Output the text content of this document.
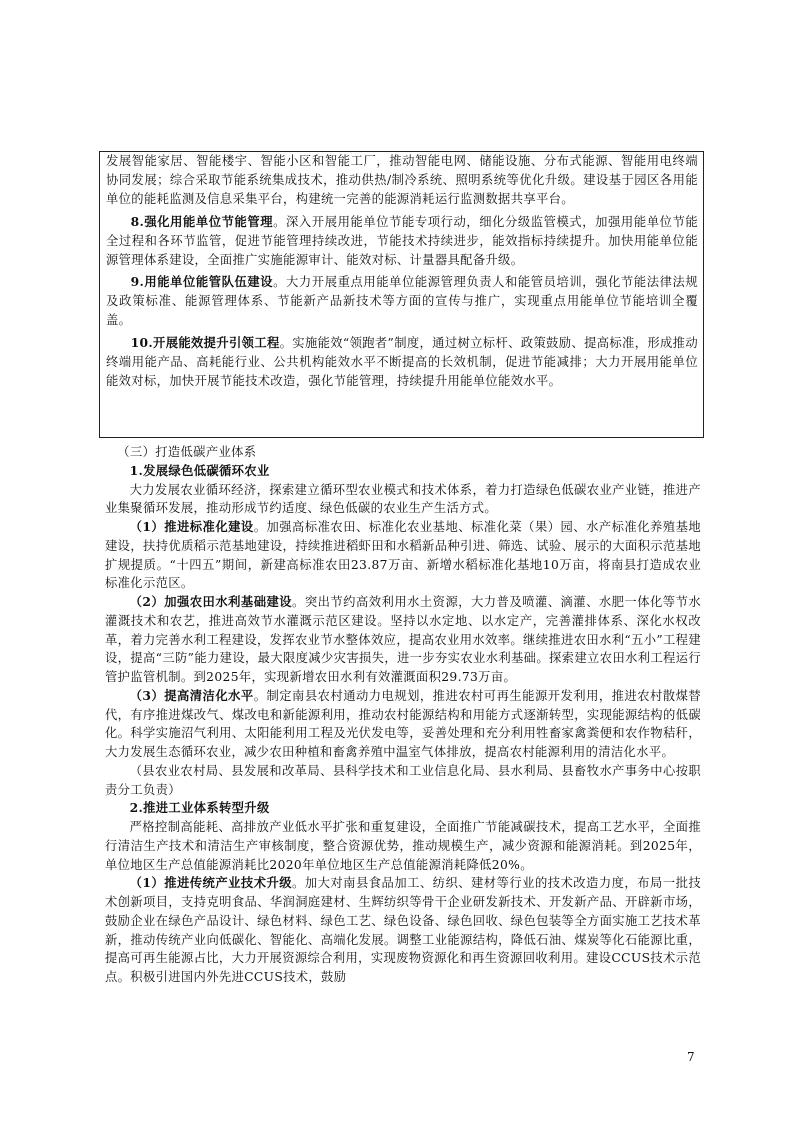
发展智能家居、智能楼宇、智能小区和智能工厂，推动智能电网、储能设施、分布式能源、智能用电终端协同发展；综合采取节能系统集成技术，推动供热/制冷系统、照明系统等优化升级。建设基于园区各用能单位的能耗监测及信息采集平台，构建统一完善的能源消耗运行监测数据共享平台。

8.强化用能单位节能管理。深入开展用能单位节能专项行动，细化分级监管模式，加强用能单位节能全过程和各环节监管，促进节能管理持续改进，节能技术持续进步，能效指标持续提升。加快用能单位能源管理体系建设，全面推广实施能源审计、能效对标、计量器具配备升级。

9.用能单位能管队伍建设。大力开展重点用能单位能源管理负责人和能管员培训，强化节能法律法规及政策标准、能源管理体系、节能新产品新技术等方面的宣传与推广，实现重点用能单位节能培训全覆盖。

10.开展能效提升引领工程。实施能效“领跑者”制度，通过树立标杆、政策鼓励、提高标准，形成推动终端用能产品、高耗能行业、公共机构能效水平不断提高的长效机制，促进节能减排；大力开展用能单位能效对标，加快开展节能技术改造，强化节能管理，持续提升用能单位能效水平。

（三）打造低碳产业体系

1.发展绿色低碳循环农业

大力发展农业循环经济，探索建立循环型农业模式和技术体系，着力打造绿色低碳农业产业链，推进产业集聚循环发展，推动形成节约适度、绿色低碳的农业生产生活方式。

（1）推进标准化建设。加强高标准农田、标准化农业基地、标准化菜（果）园、水产标准化养殖基地建设，扶持优质稻示范基地建设，持续推进稻虾田和水稻新品种引进、筛选、试验、展示的大面积示范基地扩规提质。“十四五”期间，新建高标准农田23.87万亩、新增水稻标准化基地10万亩，将南县打造成农业标准化示范区。

（2）加强农田水利基础建设。突出节约高效利用水土资源，大力普及喷灌、滴灌、水肥一体化等节水灌溉技术和农艺，推进高效节水灌溉示范区建设。坚持以水定地、以水定产，完善灌排体系、深化水权改革，着力完善水利工程建设，发挥农业节水整体效应，提高农业用水效率。继续推进农田水利“五小”工程建设，提高“三防”能力建设，最大限度减少灾害损失，进一步夯实农业水利基础。探索建立农田水利工程运行管护监管机制。到2025年，实现新增农田水利有效灌溉面积29.73万亩。

（3）提高清洁化水平。制定南县农村通动力电规划，推进农村可再生能源开发利用，推进农村散煤替代，有序推进煤改气、煤改电和新能源利用，推动农村能源结构和用能方式逐渐转型，实现能源结构的低碳化。科学实施沼气利用、太阳能利用工程及光伏发电等，妥善处理和充分利用牲畜家禽粪便和农作物秸秆，大力发展生态循环农业，减少农田种植和畜禽养殖中温室气体排放，提高农村能源利用的清洁化水平。

（县农业农村局、县发展和改革局、县科学技术和工业信息化局、县水利局、县畜牧水产事务中心按职责分工负责）

2.推进工业体系转型升级

严格控制高能耗、高排放产业低水平扩张和重复建设，全面推广节能减碳技术，提高工艺水平，全面推行清洁生产技术和清洁生产审核制度，整合资源优势，推动规模生产，减少资源和能源消耗。到2025年，单位地区生产总值能源消耗比2020年单位地区生产总值能源消耗降低20%。

（1）推进传统产业技术升级。加大对南县食品加工、纺织、建材等行业的技术改造力度，布局一批技术创新项目，支持克明食品、华润洞庭建材、生辉纺织等骨干企业研发新技术、开发新产品、开辟新市场，鼓励企业在绿色产品设计、绿色材料、绿色工艺、绿色设备、绿色回收、绿色包装等全方面实施工艺技术革新，推动传统产业向低碳化、智能化、高端化发展。调整工业能源结构，降低石油、煤炭等化石能源比重，提高可再生能源占比，大力开展资源综合利用，实现废物资源化和再生资源回收利用。建设CCUS技术示范点。积极引进国内外先进CCUS技术，鼓励

7
